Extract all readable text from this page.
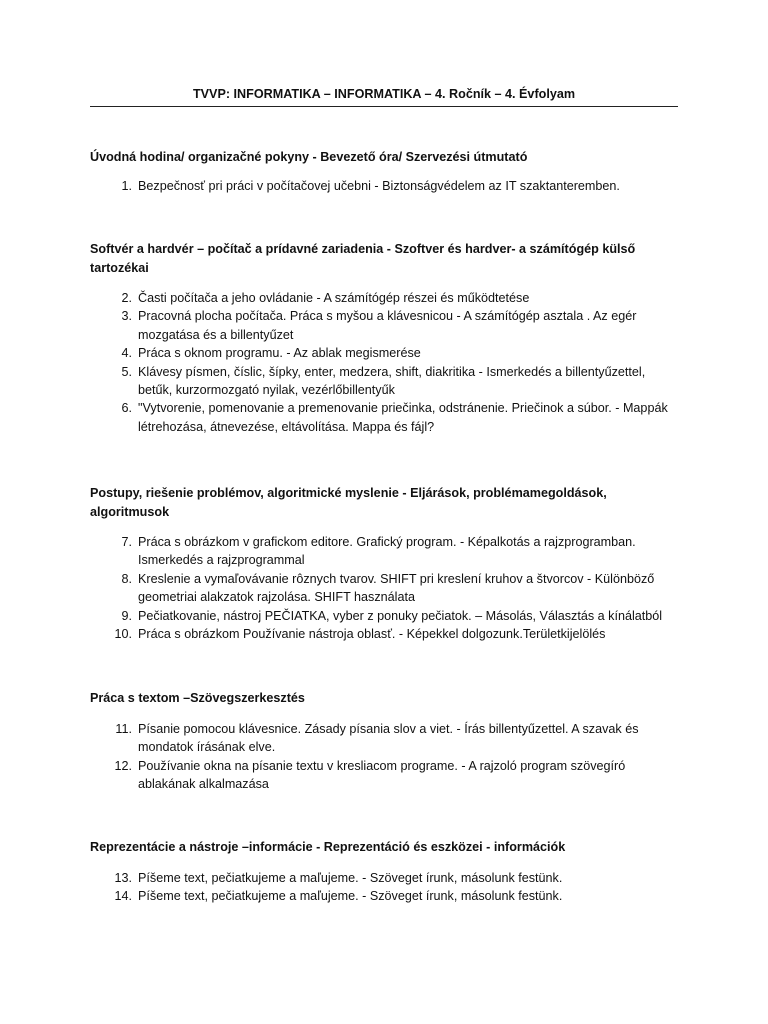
TVVP: INFORMATIKA – INFORMATIKA – 4. Ročník – 4. Évfolyam

Úvodná hodina/ organizačné pokyny - Bevezető óra/ Szervezési útmutató

1. Bezpečnosť pri práci v počítačovej učebni - Biztonságvédelem az IT szaktanteremben.

Softvér a hardvér – počítač a prídavné zariadenia - Szoftver és hardver- a számítógép külső tartozékai

2. Časti počítača a jeho ovládanie - A számítógép részei és működtetése
3. Pracovná plocha počítača. Práca s myšou a klávesnicou - A számítógép asztala . Az egér mozgatása és a billentyűzet
4. Práca s oknom programu. - Az ablak megismerése
5. Klávesy písmen, číslic, šípky, enter, medzera, shift, diakritika - Ismerkedés a billentyűzettel, betűk, kurzormozgató nyilak, vezérlőbillentyűk
6. "Vytvorenie, pomenovanie a premenovanie priečinka, odstránenie. Priečinok a súbor. - Mappák létrehozása, átnevezése, eltávolítása. Mappa és fájl?

Postupy, riešenie problémov, algoritmické myslenie - Eljárások, problémamegoldások, algoritmusok

7. Práca s obrázkom v grafickom editore. Grafický program. - Képalkotás a rajzprogramban. Ismerkedés a rajzprogrammal
8. Kreslenie a vymaľovávanie rôznych tvarov. SHIFT pri kreslení kruhov a štvorcov - Különböző geometriai alakzatok rajzolása. SHIFT használata
9. Pečiatkovanie, nástroj PEČIATKA, vyber z ponuky pečiatok. – Másolás, Választás a kínálatból
10. Práca s obrázkom Používanie nástroja oblasť. - Képekkel dolgozunk.Területkijelölés

Práca s textom –Szövegszerkesztés

11. Písanie pomocou klávesnice. Zásady písania slov a viet. - Írás billentyűzettel. A szavak és mondatok írásának elve.
12. Používanie okna na písanie textu v kresliacom programe. - A rajzoló program szövegíró ablakának alkalmazása

Reprezentácie a nástroje –informácie - Reprezentáció és eszközei - információk

13. Píšeme text, pečiatkujeme a maľujeme. - Szöveget írunk, másolunk festünk.
14. Píšeme text, pečiatkujeme a maľujeme. - Szöveget írunk, másolunk festünk.
